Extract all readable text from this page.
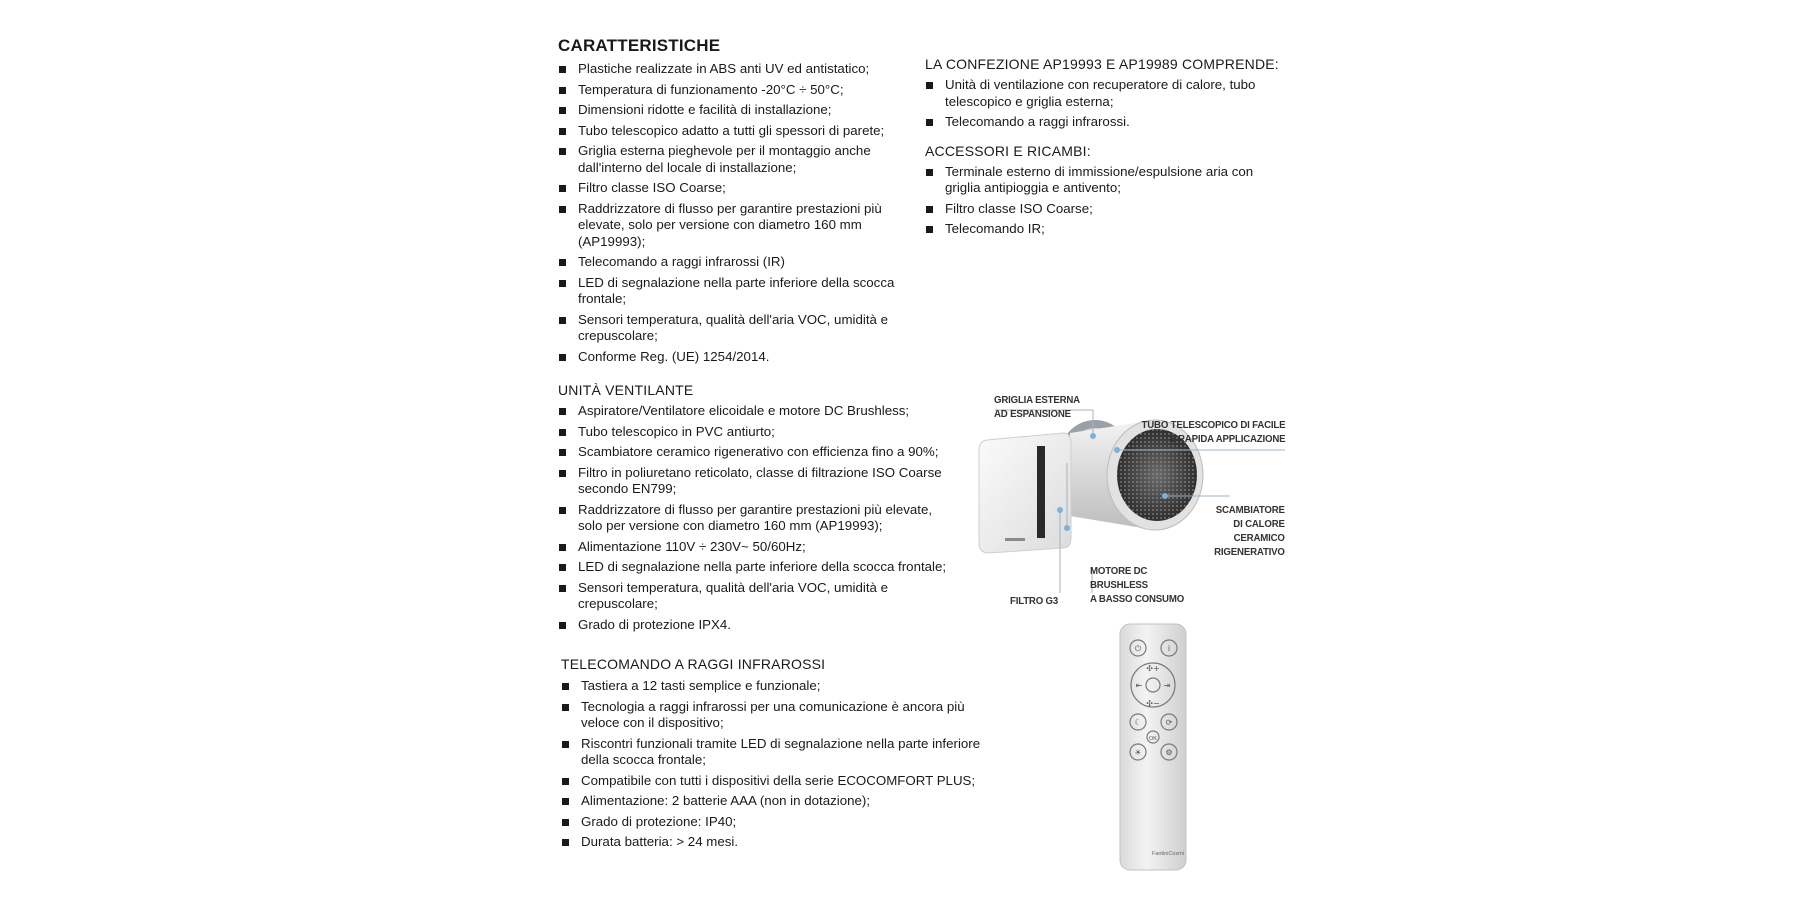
CARATTERISTICHE
Plastiche realizzate in ABS anti UV ed antistatico;
Temperatura di funzionamento -20°C ÷ 50°C;
Dimensioni ridotte e facilità di installazione;
Tubo telescopico adatto a tutti gli spessori di parete;
Griglia esterna pieghevole per il montaggio anche dall'interno del locale di installazione;
Filtro classe ISO Coarse;
Raddrizzatore di flusso per garantire prestazioni più elevate, solo per versione con diametro 160 mm (AP19993);
Telecomando a raggi infrarossi (IR)
LED di segnalazione nella parte inferiore della scocca frontale;
Sensori temperatura, qualità dell'aria VOC, umidità e crepuscolare;
Conforme Reg. (UE) 1254/2014.
UNITÀ VENTILANTE
Aspiratore/Ventilatore elicoidale e motore DC Brushless;
Tubo telescopico in PVC antiurto;
Scambiatore ceramico rigenerativo con efficienza fino a 90%;
Filtro in poliuretano reticolato, classe di filtrazione ISO Coarse secondo EN799;
Raddrizzatore di flusso per garantire prestazioni più elevate, solo per versione con diametro 160 mm (AP19993);
Alimentazione 110V ÷ 230V~ 50/60Hz;
LED di segnalazione nella parte inferiore della scocca frontale;
Sensori temperatura, qualità dell'aria VOC, umidità e crepuscolare;
Grado di protezione IPX4.
TELECOMANDO A RAGGI INFRAROSSI
Tastiera a 12 tasti semplice e funzionale;
Tecnologia a raggi infrarossi per una comunicazione è ancora più veloce con il dispositivo;
Riscontri funzionali tramite LED di segnalazione nella parte inferiore della scocca frontale;
Compatibile con tutti i dispositivi della serie ECOCOMFORT PLUS;
Alimentazione: 2 batterie AAA (non in dotazione);
Grado di protezione: IP40;
Durata batteria: > 24 mesi.
LA CONFEZIONE AP19993 E AP19989 COMPRENDE:
Unità di ventilazione con recuperatore di calore, tubo telescopico e griglia esterna;
Telecomando a raggi infrarossi.
ACCESSORI E RICAMBI:
Terminale esterno di immissione/espulsione aria con griglia antipioggia e antivento;
Filtro classe ISO Coarse;
Telecomando IR;
GRIGLIA ESTERNA
AD ESPANSIONE
TUBO TELESCOPICO DI FACILE
E RAPIDA APPLICAZIONE
SCAMBIATORE
DI CALORE
CERAMICO
RIGENERATIVO
MOTORE DC
BRUSHLESS
A BASSO CONSUMO
FILTRO G3
⏻	i
✣+
✣−
⇤	⇥
☾	⟳
☀	⚙
OK
FantiniCosmi
